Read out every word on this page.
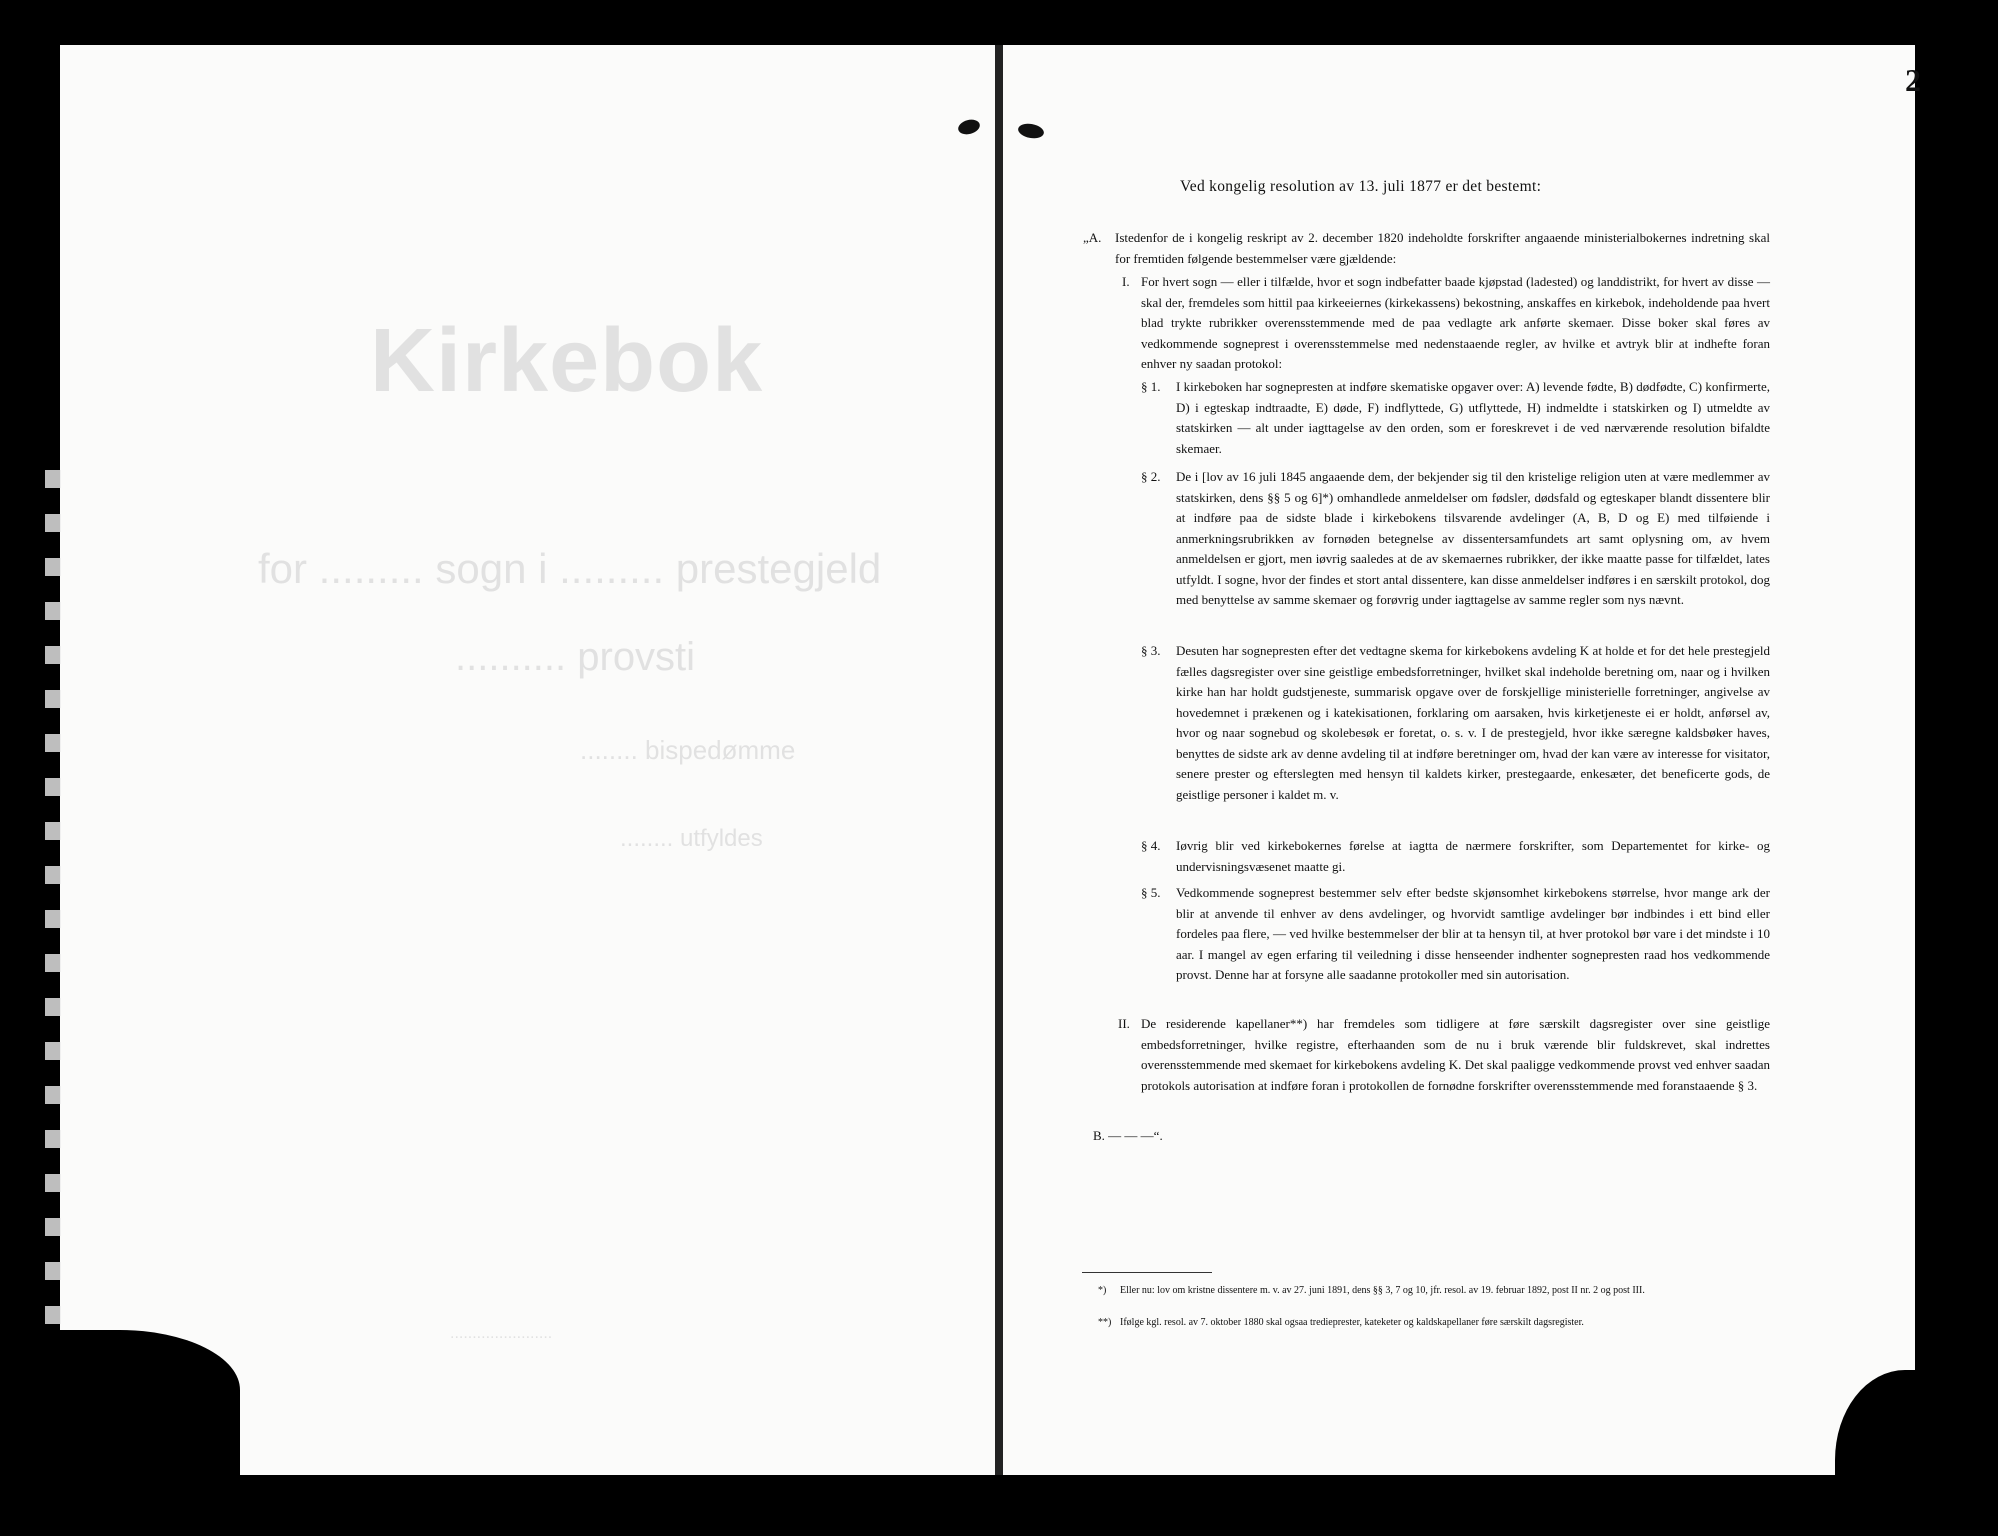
Kirkebok
for ......... sogn i ......... prestegjeld
.......... provsti
........ bispedømme
........ utfyldes
.......................
2
Ved kongelig resolution av 13. juli 1877 er det bestemt:
„A. Istedenfor de i kongelig reskript av 2. december 1820 indeholdte forskrifter angaaende ministerialbokernes indretning skal for fremtiden følgende bestemmelser være gjældende:
I. For hvert sogn — eller i tilfælde, hvor et sogn indbefatter baade kjøpstad (ladested) og landdistrikt, for hvert av disse — skal der, fremdeles som hittil paa kirkeeiernes (kirkekassens) bekostning, anskaffes en kirkebok, indeholdende paa hvert blad trykte rubrikker overensstemmende med de paa vedlagte ark anførte skemaer. Disse boker skal føres av vedkommende sogneprest i overensstemmelse med nedenstaaende regler, av hvilke et avtryk blir at indhefte foran enhver ny saadan protokol:
§ 1. I kirkeboken har sognepresten at indføre skematiske opgaver over: A) levende fødte, B) dødfødte, C) konfirmerte, D) i egteskap indtraadte, E) døde, F) indflyttede, G) utflyttede, H) indmeldte i statskirken og I) utmeldte av statskirken — alt under iagttagelse av den orden, som er foreskrevet i de ved nærværende resolution bifaldte skemaer.
§ 2. De i [lov av 16 juli 1845 angaaende dem, der bekjender sig til den kristelige religion uten at være medlemmer av statskirken, dens §§ 5 og 6]*) omhandlede anmeldelser om fødsler, dødsfald og egteskaper blandt dissentere blir at indføre paa de sidste blade i kirkebokens tilsvarende avdelinger (A, B, D og E) med tilføiende i anmerkningsrubrikken av fornøden betegnelse av dissentersamfundets art samt oplysning om, av hvem anmeldelsen er gjort, men iøvrig saaledes at de av skemaernes rubrikker, der ikke maatte passe for tilfældet, lates utfyldt. I sogne, hvor der findes et stort antal dissentere, kan disse anmeldelser indføres i en særskilt protokol, dog med benyttelse av samme skemaer og forøvrig under iagttagelse av samme regler som nys nævnt.
§ 3. Desuten har sognepresten efter det vedtagne skema for kirkebokens avdeling K at holde et for det hele prestegjeld fælles dagsregister over sine geistlige embedsforretninger, hvilket skal indeholde beretning om, naar og i hvilken kirke han har holdt gudstjeneste, summarisk opgave over de forskjellige ministerielle forretninger, angivelse av hovedemnet i prækenen og i katekisationen, forklaring om aarsaken, hvis kirketjeneste ei er holdt, anførsel av, hvor og naar sognebud og skolebesøk er foretat, o. s. v. I de prestegjeld, hvor ikke særegne kaldsbøker haves, benyttes de sidste ark av denne avdeling til at indføre beretninger om, hvad der kan være av interesse for visitator, senere prester og efterslegten med hensyn til kaldets kirker, prestegaarde, enkesæter, det beneficerte gods, de geistlige personer i kaldet m. v.
§ 4. Iøvrig blir ved kirkebokernes førelse at iagtta de nærmere forskrifter, som Departementet for kirke- og undervisningsvæsenet maatte gi.
§ 5. Vedkommende sogneprest bestemmer selv efter bedste skjønsomhet kirkebokens størrelse, hvor mange ark der blir at anvende til enhver av dens avdelinger, og hvorvidt samtlige avdelinger bør indbindes i ett bind eller fordeles paa flere, — ved hvilke bestemmelser der blir at ta hensyn til, at hver protokol bør vare i det mindste i 10 aar. I mangel av egen erfaring til veiledning i disse henseender indhenter sognepresten raad hos vedkommende provst. Denne har at forsyne alle saadanne protokoller med sin autorisation.
II. De residerende kapellaner**) har fremdeles som tidligere at føre særskilt dagsregister over sine geistlige embedsforretninger, hvilke registre, efterhaanden som de nu i bruk værende blir fuldskrevet, skal indrettes overensstemmende med skemaet for kirkebokens avdeling K. Det skal paaligge vedkommende provst ved enhver saadan protokols autorisation at indføre foran i protokollen de fornødne forskrifter overensstemmende med foranstaaende § 3.
B. — — —“.
*) Eller nu: lov om kristne dissentere m. v. av 27. juni 1891, dens §§ 3, 7 og 10, jfr. resol. av 19. februar 1892, post II nr. 2 og post III.
**) Ifølge kgl. resol. av 7. oktober 1880 skal ogsaa tredieprester, kateketer og kaldskapellaner føre særskilt dagsregister.
